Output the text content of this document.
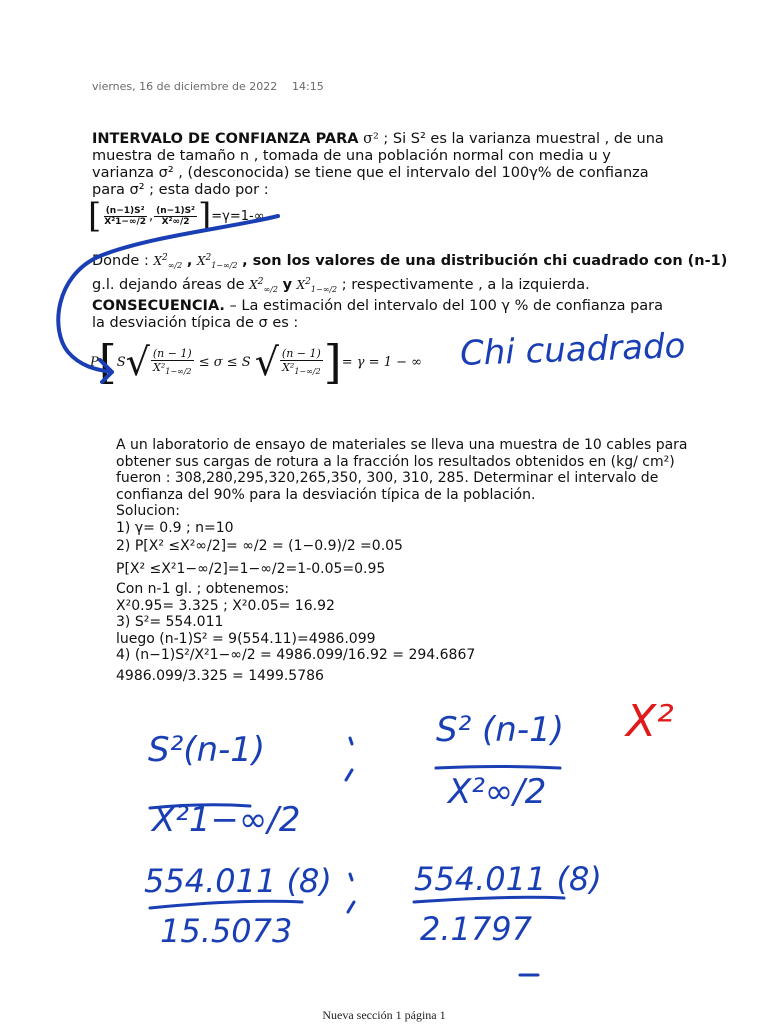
viernes, 16 de diciembre de 2022 14:15
INTERVALO DE CONFIANZA PARA σ² ; Si S² es la varianza muestral , de una
muestra de tamaño n , tomada de una población normal con media u y
varianza σ² , (desconocida) se tiene que el intervalo del 100γ% de confianza
para σ² ; esta dado por :
[ $\frac{\text{(n−1)S²}}{\text{X²1−∞/2}}$ , $\frac{\text{(n−1)S²}}{\text{X²∞/2}}$ ] =γ=1-∞
Donde : $X^2_{\infty/2}$ , $X^2_{1-\infty/2}$ , son los valores de una distribución chi cuadrado con (n-1)
g.l. dejando áreas de $X^2_{\infty/2}$ y $X^2_{1-\infty/2}$ ; respectivamente , a la izquierda.
CONSECUENCIA. – La estimación del intervalo del 100 γ % de confianza para
la desviación típica de σ es :
P [ S √ $\frac{(n - 1)}{X^2_{1-\infty/2}} \le \sigma \le S$ √ $\frac{(n - 1)}{X^2_{1-\infty/2}}$ ] = γ = 1 − ∞
A un laboratorio de ensayo de materiales se lleva una muestra de 10 cables para
obtener sus cargas de rotura a la fracción los resultados obtenidos en (kg/ cm²)
fueron : 308,280,295,320,265,350, 300, 310, 285. Determinar el intervalo de
confianza del 90% para la desviación típica de la población.
Solucion:
1) γ= 0.9 ; n=10
2) P[X² ≤X²∞/2]= ∞/2 = (1−0.9)/2 =0.05
P[X² ≤X²1−∞/2]=1−∞/2=1-0.05=0.95
Con n-1 gl. ; obtenemos:
X²0.95= 3.325 ; X²0.05= 16.92
3) S²= 554.011
luego (n-1)S² = 9(554.11)=4986.099
4) (n−1)S²/X²1−∞/2 = 4986.099/16.92 = 294.6867
4986.099/3.325 = 1499.5786
Chi cuadrado
S²(n-1)
X²1−∞/2
S² (n-1)
X²∞/2
X²
554.011 (8)
15.5073
554.011 (8)
2.1797
Nueva sección 1 página 1
